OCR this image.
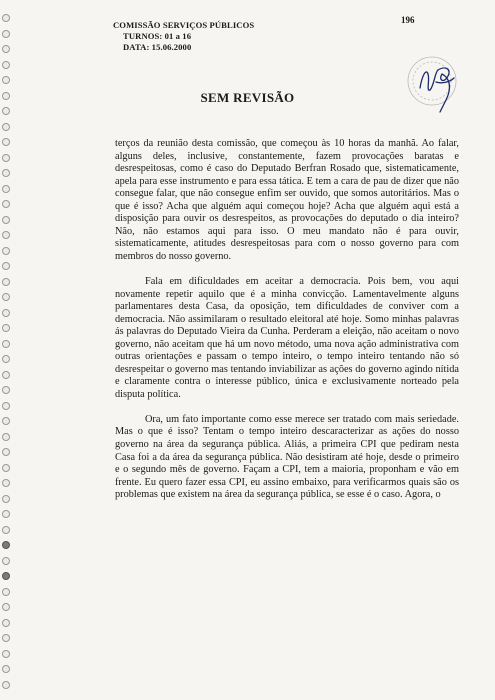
COMISSÃO SERVIÇOS PÚBLICOS
TURNOS: 01 a 16
DATA: 15.06.2000
196
SEM REVISÃO

terços da reunião desta comissão, que começou às 10 horas da manhã. Ao falar, alguns deles, inclusive, constantemente, fazem provocações baratas e desrespeitosas, como é caso do Deputado Berfran Rosado que, sistematicamente, apela para esse instrumento e para essa tática. E tem a cara de pau de dizer que não consegue falar, que não consegue enfim ser ouvido, que somos autoritários. Mas o que é isso? Acha que alguém aqui começou hoje? Acha que alguém aqui está a disposição para ouvir os desrespeitos, as provocações do deputado o dia inteiro? Não, não estamos aqui para isso. O meu mandato não é para ouvir, sistematicamente, atitudes desrespeitosas para com o nosso governo para com membros do nosso governo.

Fala em dificuldades em aceitar a democracia. Pois bem, vou aqui novamente repetir aquilo que é a minha convicção. Lamentavelmente alguns parlamentares desta Casa, da oposição, tem dificuldades de conviver com a democracia. Não assimilaram o resultado eleitoral até hoje. Somo minhas palavras ás palavras do Deputado Vieira da Cunha. Perderam a eleição, não aceitam o novo governo, não aceitam que há um novo método, uma nova ação administrativa com outras orientações e passam o tempo inteiro, o tempo inteiro tentando não só desrespeitar o governo mas tentando inviabilizar as ações do governo agindo nítida e claramente contra o interesse público, única e exclusivamente norteado pela disputa política.

Ora, um fato importante como esse merece ser tratado com mais seriedade. Mas o que é isso? Tentam o tempo inteiro descaracterizar as ações do nosso governo na área da segurança pública. Aliás, a primeira CPI que pediram nesta Casa foi a da área da segurança pública. Não desistiram até hoje, desde o primeiro e o segundo mês de governo. Façam a CPI, tem a maioria, proponham e vão em frente. Eu quero fazer essa CPI, eu assino embaixo, para verificarmos quais são os problemas que existem na área da segurança pública, se esse é o caso. Agora, o
